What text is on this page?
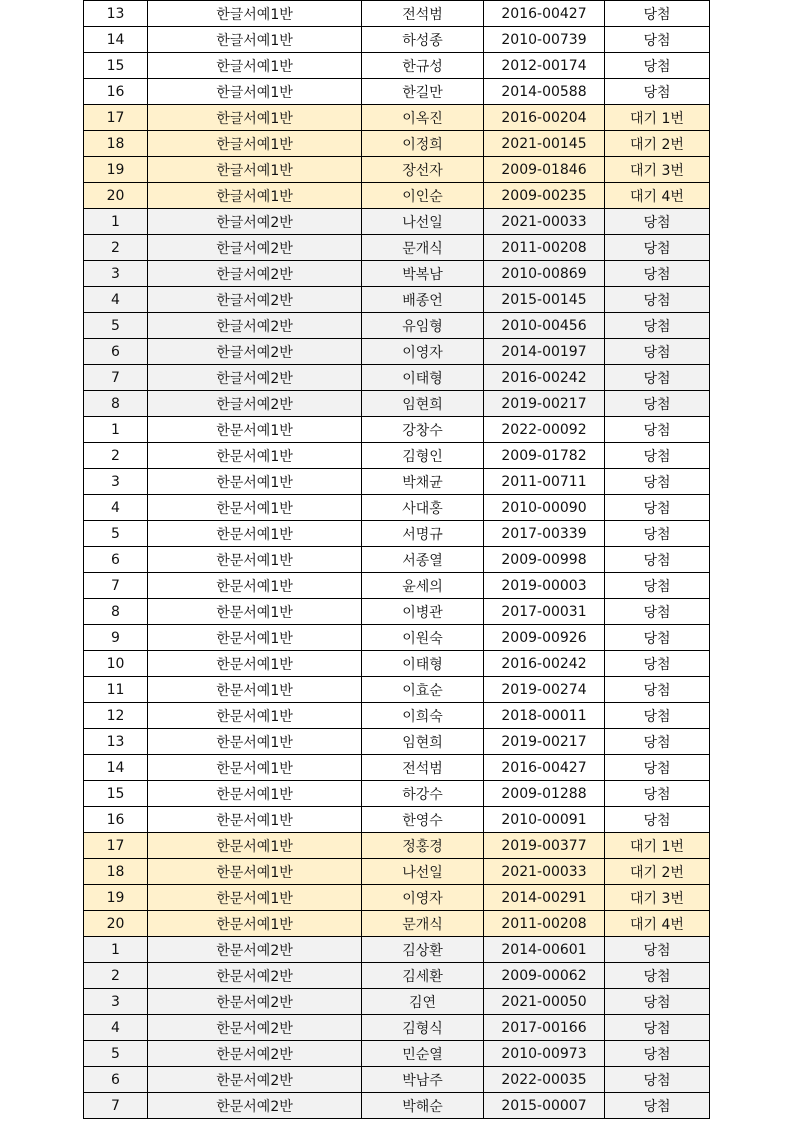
13	한글서예1반	전석범	2016-00427	당첨
14	한글서예1반	하성종	2010-00739	당첨
15	한글서예1반	한규성	2012-00174	당첨
16	한글서예1반	한길만	2014-00588	당첨
17	한글서예1반	이옥진	2016-00204	대기 1번
18	한글서예1반	이정희	2021-00145	대기 2번
19	한글서예1반	장선자	2009-01846	대기 3번
20	한글서예1반	이인순	2009-00235	대기 4번
1	한글서예2반	나선일	2021-00033	당첨
2	한글서예2반	문개식	2011-00208	당첨
3	한글서예2반	박복남	2010-00869	당첨
4	한글서예2반	배종언	2015-00145	당첨
5	한글서예2반	유임형	2010-00456	당첨
6	한글서예2반	이영자	2014-00197	당첨
7	한글서예2반	이태형	2016-00242	당첨
8	한글서예2반	임현희	2019-00217	당첨
1	한문서예1반	강창수	2022-00092	당첨
2	한문서예1반	김형인	2009-01782	당첨
3	한문서예1반	박채균	2011-00711	당첨
4	한문서예1반	사대홍	2010-00090	당첨
5	한문서예1반	서명규	2017-00339	당첨
6	한문서예1반	서종열	2009-00998	당첨
7	한문서예1반	윤세의	2019-00003	당첨
8	한문서예1반	이병관	2017-00031	당첨
9	한문서예1반	이원숙	2009-00926	당첨
10	한문서예1반	이태형	2016-00242	당첨
11	한문서예1반	이효순	2019-00274	당첨
12	한문서예1반	이희숙	2018-00011	당첨
13	한문서예1반	임현희	2019-00217	당첨
14	한문서예1반	전석범	2016-00427	당첨
15	한문서예1반	하강수	2009-01288	당첨
16	한문서예1반	한영수	2010-00091	당첨
17	한문서예1반	정홍경	2019-00377	대기 1번
18	한문서예1반	나선일	2021-00033	대기 2번
19	한문서예1반	이영자	2014-00291	대기 3번
20	한문서예1반	문개식	2011-00208	대기 4번
1	한문서예2반	김상환	2014-00601	당첨
2	한문서예2반	김세환	2009-00062	당첨
3	한문서예2반	김연	2021-00050	당첨
4	한문서예2반	김형식	2017-00166	당첨
5	한문서예2반	민순열	2010-00973	당첨
6	한문서예2반	박남주	2022-00035	당첨
7	한문서예2반	박해순	2015-00007	당첨
